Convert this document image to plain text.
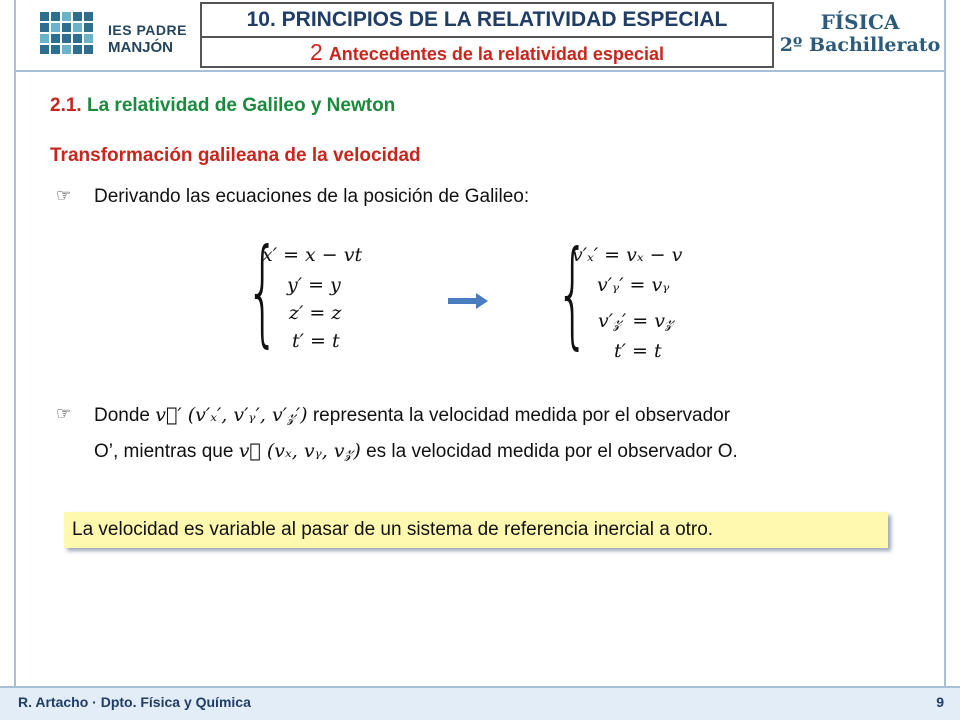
IES PADRE
MANJÓN
10. PRINCIPIOS DE LA RELATIVIDAD ESPECIAL
2 Antecedentes de la relatividad especial
FÍSICA
2º Bachillerato
2.1. La relatividad de Galileo y Newton
Transformación galileana de la velocidad
☞ Derivando las ecuaciones de la posición de Galileo:
{
x′ = x − vt
y′ = y
z′ = z
t′ = t {
v′ₓ′ = vₓ − v
v′ᵧ′ = vᵧ
v′𝓏′ = v𝓏
t′ = t
☞ Donde v⃗′ (v′ₓ′, v′ᵧ′, v′𝓏′) representa la velocidad medida por el observador
O’, mientras que v⃗ (vₓ, vᵧ, v𝓏) es la velocidad medida por el observador O.
La velocidad es variable al pasar de un sistema de referencia inercial a otro.
R. Artacho · Dpto. Física y Química	9
